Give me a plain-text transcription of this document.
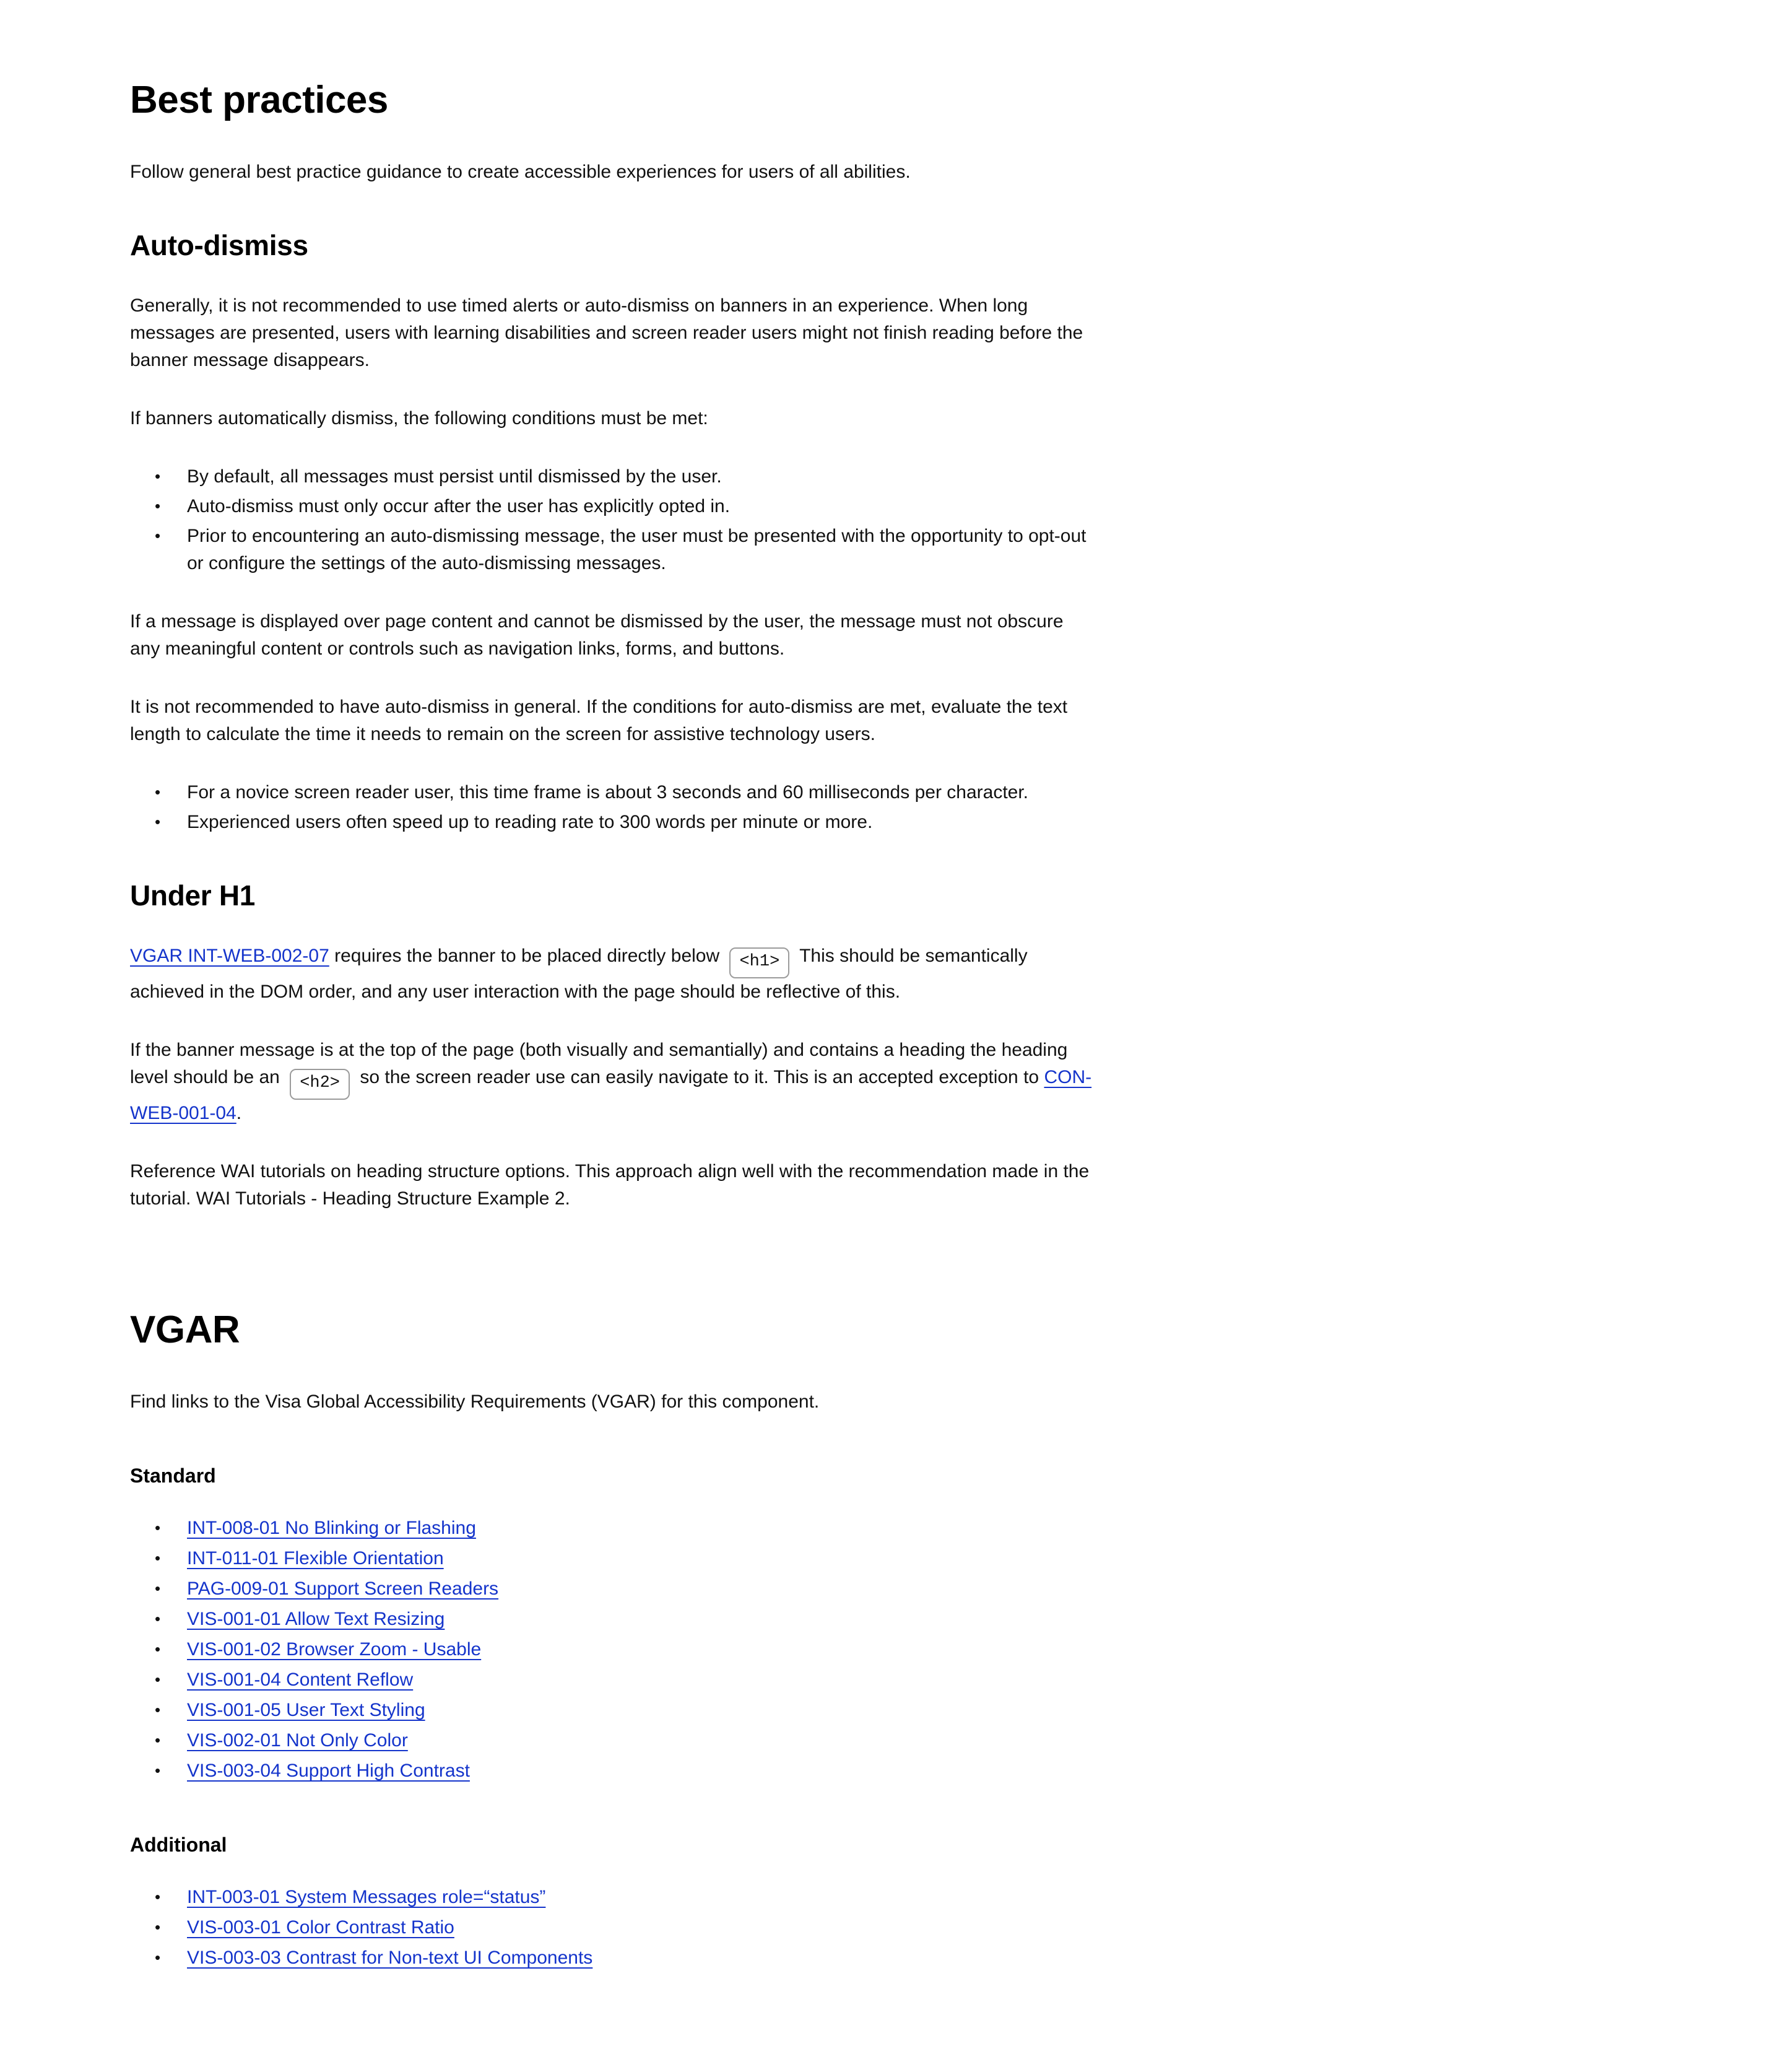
Best practices

Follow general best practice guidance to create accessible experiences for users of all abilities.

Auto-dismiss

Generally, it is not recommended to use timed alerts or auto-dismiss on banners in an experience. When long messages are presented, users with learning disabilities and screen reader users might not finish reading before the banner message disappears.

If banners automatically dismiss, the following conditions must be met:

• By default, all messages must persist until dismissed by the user.
• Auto-dismiss must only occur after the user has explicitly opted in.
• Prior to encountering an auto-dismissing message, the user must be presented with the opportunity to opt-out or configure the settings of the auto-dismissing messages.

If a message is displayed over page content and cannot be dismissed by the user, the message must not obscure any meaningful content or controls such as navigation links, forms, and buttons.

It is not recommended to have auto-dismiss in general. If the conditions for auto-dismiss are met, evaluate the text length to calculate the time it needs to remain on the screen for assistive technology users.

• For a novice screen reader user, this time frame is about 3 seconds and 60 milliseconds per character.
• Experienced users often speed up to reading rate to 300 words per minute or more.
Under H1

VGAR INT-WEB-002-07 requires the banner to be placed directly below <h1> This should be semantically achieved in the DOM order, and any user interaction with the page should be reflective of this.

If the banner message is at the top of the page (both visually and semantially) and contains a heading the heading level should be an <h2> so the screen reader use can easily navigate to it. This is an accepted exception to CON-WEB-001-04.

Reference WAI tutorials on heading structure options. This approach align well with the recommendation made in the tutorial. WAI Tutorials - Heading Structure Example 2.

VGAR

Find links to the Visa Global Accessibility Requirements (VGAR) for this component.

Standard
• INT-008-01 No Blinking or Flashing
• INT-011-01 Flexible Orientation
• PAG-009-01 Support Screen Readers
• VIS-001-01 Allow Text Resizing
• VIS-001-02 Browser Zoom - Usable
• VIS-001-04 Content Reflow
• VIS-001-05 User Text Styling
• VIS-002-01 Not Only Color
• VIS-003-04 Support High Contrast
Additional
• INT-003-01 System Messages role=“status”
• VIS-003-01 Color Contrast Ratio
• VIS-003-03 Contrast for Non-text UI Components
